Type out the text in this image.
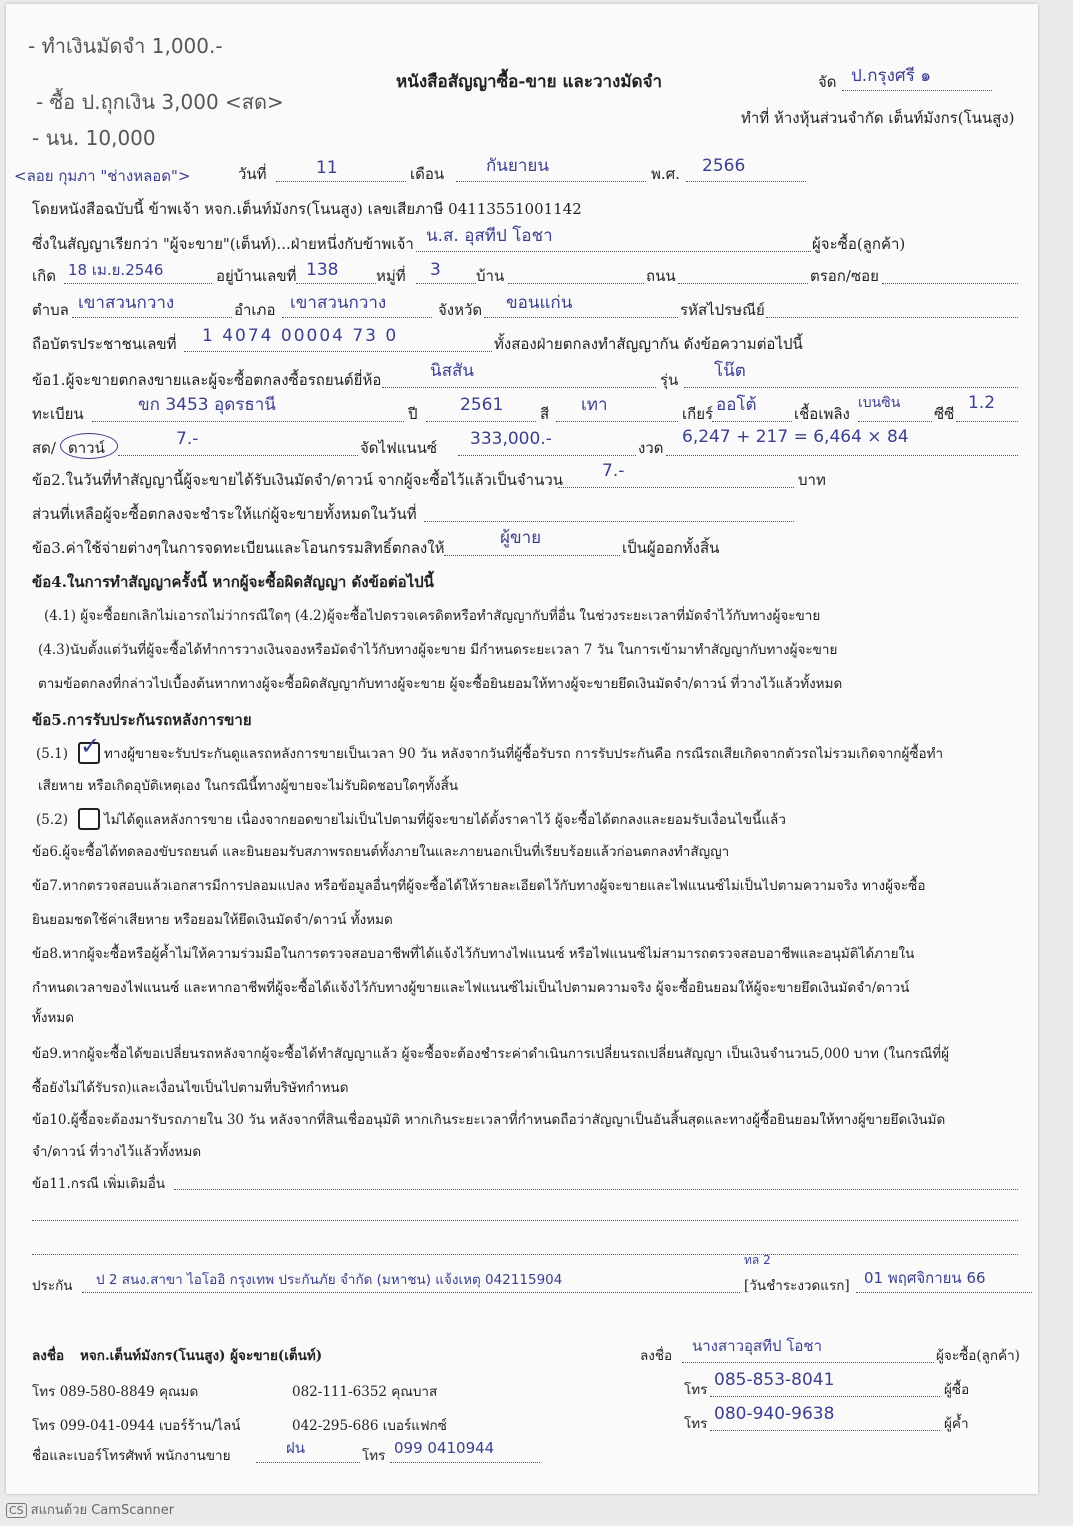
- ทำเงินมัดจำ 1,000.-
- ซื้อ ป.ถุกเงิน 3,000 <สด>
- นน. 10,000
<ลอย กุมภา "ช่างหลอด">
หนังสือสัญญาซื้อ-ขาย และวางมัดจำ	จัด ป.กรุงศรี ๑
ทำที่ ห้างหุ้นส่วนจำกัด เต็นท์มังกร(โนนสูง)
วันที่	11	เดือน กันยายน	พ.ศ. 2566
โดยหนังสือฉบับนี้ ข้าพเจ้า หจก.เต็นท์มังกร(โนนสูง) เลขเสียภาษี 04113551001142
ซึ่งในสัญญาเรียกว่า "ผู้จะขาย"(เต็นท์)...ฝ่ายหนึ่งกับข้าพเจ้า น.ส. อุสทีป โอชา	ผู้จะซื้อ(ลูกค้า)
เกิด 18 เม.ย.2546	อยู่บ้านเลขที่ 138	หมู่ที่ 3 บ้าน	ถนน	ตรอก/ซอย
ตำบล เขาสวนกวาง	อำเภอ เขาสวนกวาง	จังหวัด ขอนแก่น	รหัสไปรษณีย์
ถือบัตรประชาชนเลขที่ 1 4074 00004 73 0	ทั้งสองฝ่ายตกลงทำสัญญากัน ดังข้อความต่อไปนี้
ข้อ1.ผู้จะขายตกลงขายและผู้จะซื้อตกลงซื้อรถยนต์ยี่ห้อ	นิสสัน	รุ่น โน๊ต
ทะเบียน	ขก 3453 อุดรธานี	ปี 2561 สี เทา	เกียร์ ออโต้ เชื้อเพลิง
เบนซิน
ซีซี
1.2
สด/ ดาวน์	7.-	จัดไฟแนนซ์ 333,000.-	งวด
6,247 + 217 = 6,464 × 84
ข้อ2.ในวันที่ทำสัญญานี้ผู้จะขายได้รับเงินมัดจำ/ดาวน์ จากผู้จะซื้อไว้แล้วเป็นจำนวน 7.-	บาท
ส่วนที่เหลือผู้จะซื้อตกลงจะชำระให้แก่ผู้จะขายทั้งหมดในวันที่
ข้อ3.ค่าใช้จ่ายต่างๆในการจดทะเบียนและโอนกรรมสิทธิ์ตกลงให้	ผู้ขาย	เป็นผู้ออกทั้งสิ้น
ข้อ4.ในการทำสัญญาครั้งนี้ หากผู้จะซื้อผิดสัญญา ดังข้อต่อไปนี้
(4.1) ผู้จะซื้อยกเลิกไม่เอารถไม่ว่ากรณีใดๆ (4.2)ผู้จะซื้อไปตรวจเครดิตหรือทำสัญญากับที่อื่น ในช่วงระยะเวลาที่มัดจำไว้กับทางผู้จะขาย
(4.3)นับตั้งแต่วันที่ผู้จะซื้อได้ทำการวางเงินจองหรือมัดจำไว้กับทางผู้จะขาย มีกำหนดระยะเวลา 7 วัน ในการเข้ามาทำสัญญากับทางผู้จะขาย
ตามข้อตกลงที่กล่าวไปเบื้องต้นหากทางผู้จะซื้อผิดสัญญากับทางผู้จะขาย ผู้จะซื้อยินยอมให้ทางผู้จะขายยึดเงินมัดจำ/ดาวน์ ที่วางไว้แล้วทั้งหมด
ข้อ5.การรับประกันรถหลังการขาย
(5.1) ✓ ทางผู้ขายจะรับประกันดูแลรถหลังการขายเป็นเวลา 90 วัน หลังจากวันที่ผู้ซื้อรับรถ การรับประกันคือ กรณีรถเสียเกิดจากตัวรถไม่รวมเกิดจากผู้ซื้อทำ
เสียหาย หรือเกิดอุบัติเหตุเอง ในกรณีนี้ทางผู้ขายจะไม่รับผิดชอบใดๆทั้งสิ้น
(5.2)	ไม่ได้ดูแลหลังการขาย เนื่องจากยอดขายไม่เป็นไปตามที่ผู้จะขายได้ตั้งราคาไว้ ผู้จะซื้อได้ตกลงและยอมรับเงื่อนไขนี้แล้ว
ข้อ6.ผู้จะซื้อได้ทดลองขับรถยนต์ และยินยอมรับสภาพรถยนต์ทั้งภายในและภายนอกเป็นที่เรียบร้อยแล้วก่อนตกลงทำสัญญา
ข้อ7.หากตรวจสอบแล้วเอกสารมีการปลอมแปลง หรือข้อมูลอื่นๆที่ผู้จะซื้อได้ให้รายละเอียดไว้กับทางผู้จะขายและไฟแนนซ์ไม่เป็นไปตามความจริง ทางผู้จะซื้อ
ยินยอมชดใช้ค่าเสียหาย หรือยอมให้ยึดเงินมัดจำ/ดาวน์ ทั้งหมด
ข้อ8.หากผู้จะซื้อหรือผู้ค้ำไม่ให้ความร่วมมือในการตรวจสอบอาชีพที่ได้แจ้งไว้กับทางไฟแนนซ์ หรือไฟแนนซ์ไม่สามารถตรวจสอบอาชีพและอนุมัติได้ภายใน
กำหนดเวลาของไฟแนนซ์ และหากอาชีพที่ผู้จะซื้อได้แจ้งไว้กับทางผู้ขายและไฟแนนซ์ไม่เป็นไปตามความจริง ผู้จะซื้อยินยอมให้ผู้จะขายยึดเงินมัดจำ/ดาวน์
ทั้งหมด
ข้อ9.หากผู้จะซื้อได้ขอเปลี่ยนรถหลังจากผู้จะซื้อได้ทำสัญญาแล้ว ผู้จะซื้อจะต้องชำระค่าดำเนินการเปลี่ยนรถเปลี่ยนสัญญา เป็นเงินจำนวน5,000 บาท (ในกรณีที่ผู้
ซื้อยังไม่ได้รับรถ)และเงื่อนไขเป็นไปตามที่บริษัทกำหนด
ข้อ10.ผู้ซื้อจะต้องมารับรถภายใน 30 วัน หลังจากที่สินเชื่ออนุมัติ หากเกินระยะเวลาที่กำหนดถือว่าสัญญาเป็นอันสิ้นสุดและทางผู้ซื้อยินยอมให้ทางผู้ขายยึดเงินมัด
จำ/ดาวน์ ที่วางไว้แล้วทั้งหมด
ข้อ11.กรณี เพิ่มเติมอื่น
ประกัน ป 2 สนง.สาขา ไอโออิ กรุงเทพ ประกันภัย จำกัด (มหาชน) แจ้งเหตุ 042115904
ทล 2
[วันชำระงวดแรก] 01 พฤศจิกายน 66
ลงชื่อ หจก.เต็นท์มังกร(โนนสูง) ผู้จะขาย(เต็นท์)
โทร 089-580-8849 คุณมด	082-111-6352 คุณบาส
โทร 099-041-0944 เบอร์ร้าน/ไลน์	042-295-686 เบอร์แฟกซ์
ชื่อและเบอร์โทรศัพท์ พนักงานขาย	ฝน	โทร 099 0410944
ลงชื่อ
นางสาวอุสทีป โอชา
ผู้จะซื้อ(ลูกค้า)
โทร 085-853-8041	ผู้ซื้อ
โทร 080-940-9638	ผู้ค้ำ
CS สแกนด้วย CamScanner
